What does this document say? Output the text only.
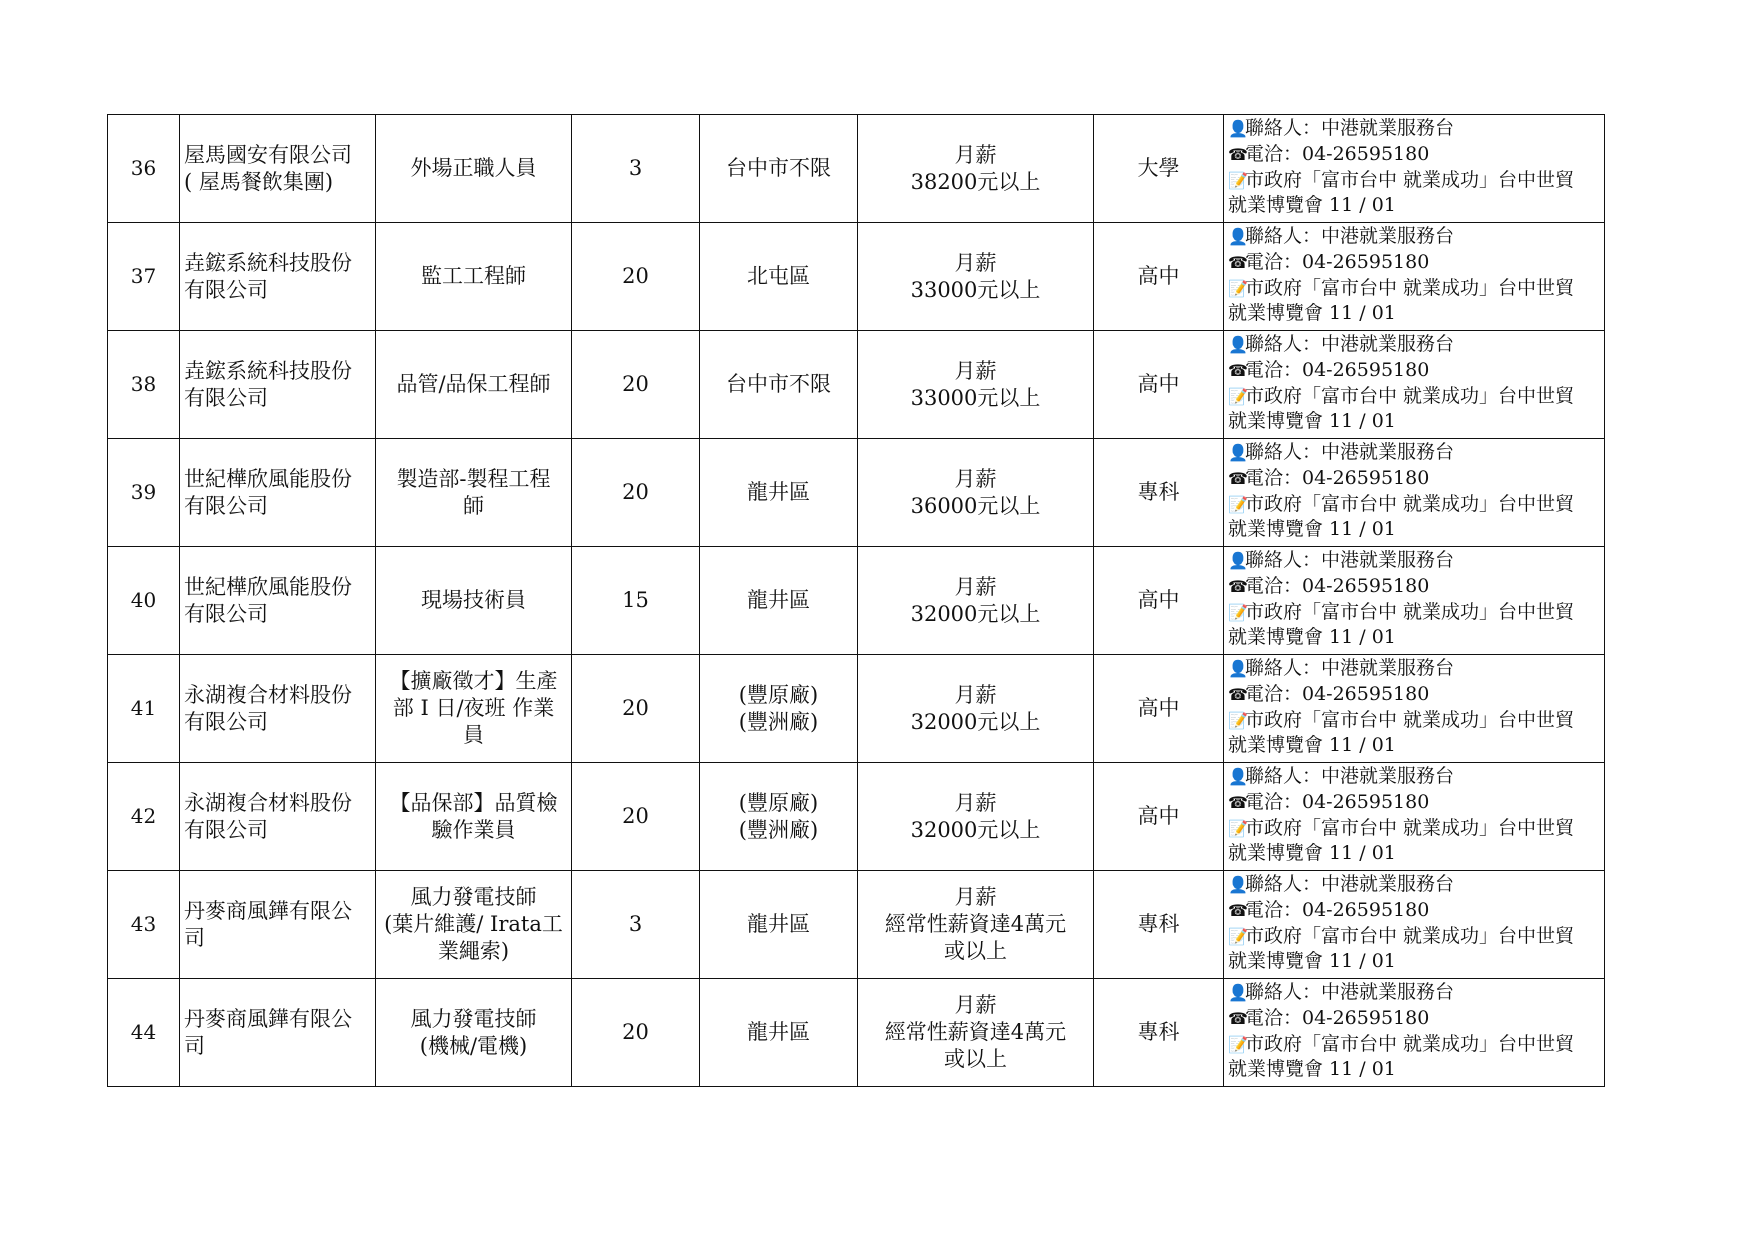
36	屋馬國安有限公司
( 屋馬餐飲集團)	外場正職人員	3	台中市不限	月薪
38200元以上	大學	👤聯絡人：中港就業服務台
☎電洽：04-26595180
📝市政府「富市台中 就業成功」台中世貿
就業博覽會 11 / 01

37	垚鋐系統科技股份
有限公司	監工工程師	20	北屯區	月薪
33000元以上	高中	👤聯絡人：中港就業服務台
☎電洽：04-26595180
📝市政府「富市台中 就業成功」台中世貿
就業博覽會 11 / 01

38	垚鋐系統科技股份
有限公司	品管/品保工程師	20	台中市不限	月薪
33000元以上	高中	👤聯絡人：中港就業服務台
☎電洽：04-26595180
📝市政府「富市台中 就業成功」台中世貿
就業博覽會 11 / 01

39	世紀樺欣風能股份
有限公司	製造部-製程工程
師	20	龍井區	月薪
36000元以上	專科	👤聯絡人：中港就業服務台
☎電洽：04-26595180
📝市政府「富市台中 就業成功」台中世貿
就業博覽會 11 / 01

40	世紀樺欣風能股份
有限公司	現場技術員	15	龍井區	月薪
32000元以上	高中	👤聯絡人：中港就業服務台
☎電洽：04-26595180
📝市政府「富市台中 就業成功」台中世貿
就業博覽會 11 / 01

41	永湖複合材料股份
有限公司	【擴廠徵才】生產
部 I 日/夜班 作業
員	20	(豐原廠)
(豐洲廠)	月薪
32000元以上	高中	👤聯絡人：中港就業服務台
☎電洽：04-26595180
📝市政府「富市台中 就業成功」台中世貿
就業博覽會 11 / 01

42	永湖複合材料股份
有限公司	【品保部】品質檢
驗作業員	20	(豐原廠)
(豐洲廠)	月薪
32000元以上	高中	👤聯絡人：中港就業服務台
☎電洽：04-26595180
📝市政府「富市台中 就業成功」台中世貿
就業博覽會 11 / 01

43	丹麥商風鏵有限公
司	風力發電技師
(葉片維護/ Irata工
業繩索)	3	龍井區	月薪
經常性薪資達4萬元
或以上	專科	👤聯絡人：中港就業服務台
☎電洽：04-26595180
📝市政府「富市台中 就業成功」台中世貿
就業博覽會 11 / 01

44	丹麥商風鏵有限公
司	風力發電技師
(機械/電機)	20	龍井區	月薪
經常性薪資達4萬元
或以上	專科	👤聯絡人：中港就業服務台
☎電洽：04-26595180
📝市政府「富市台中 就業成功」台中世貿
就業博覽會 11 / 01
